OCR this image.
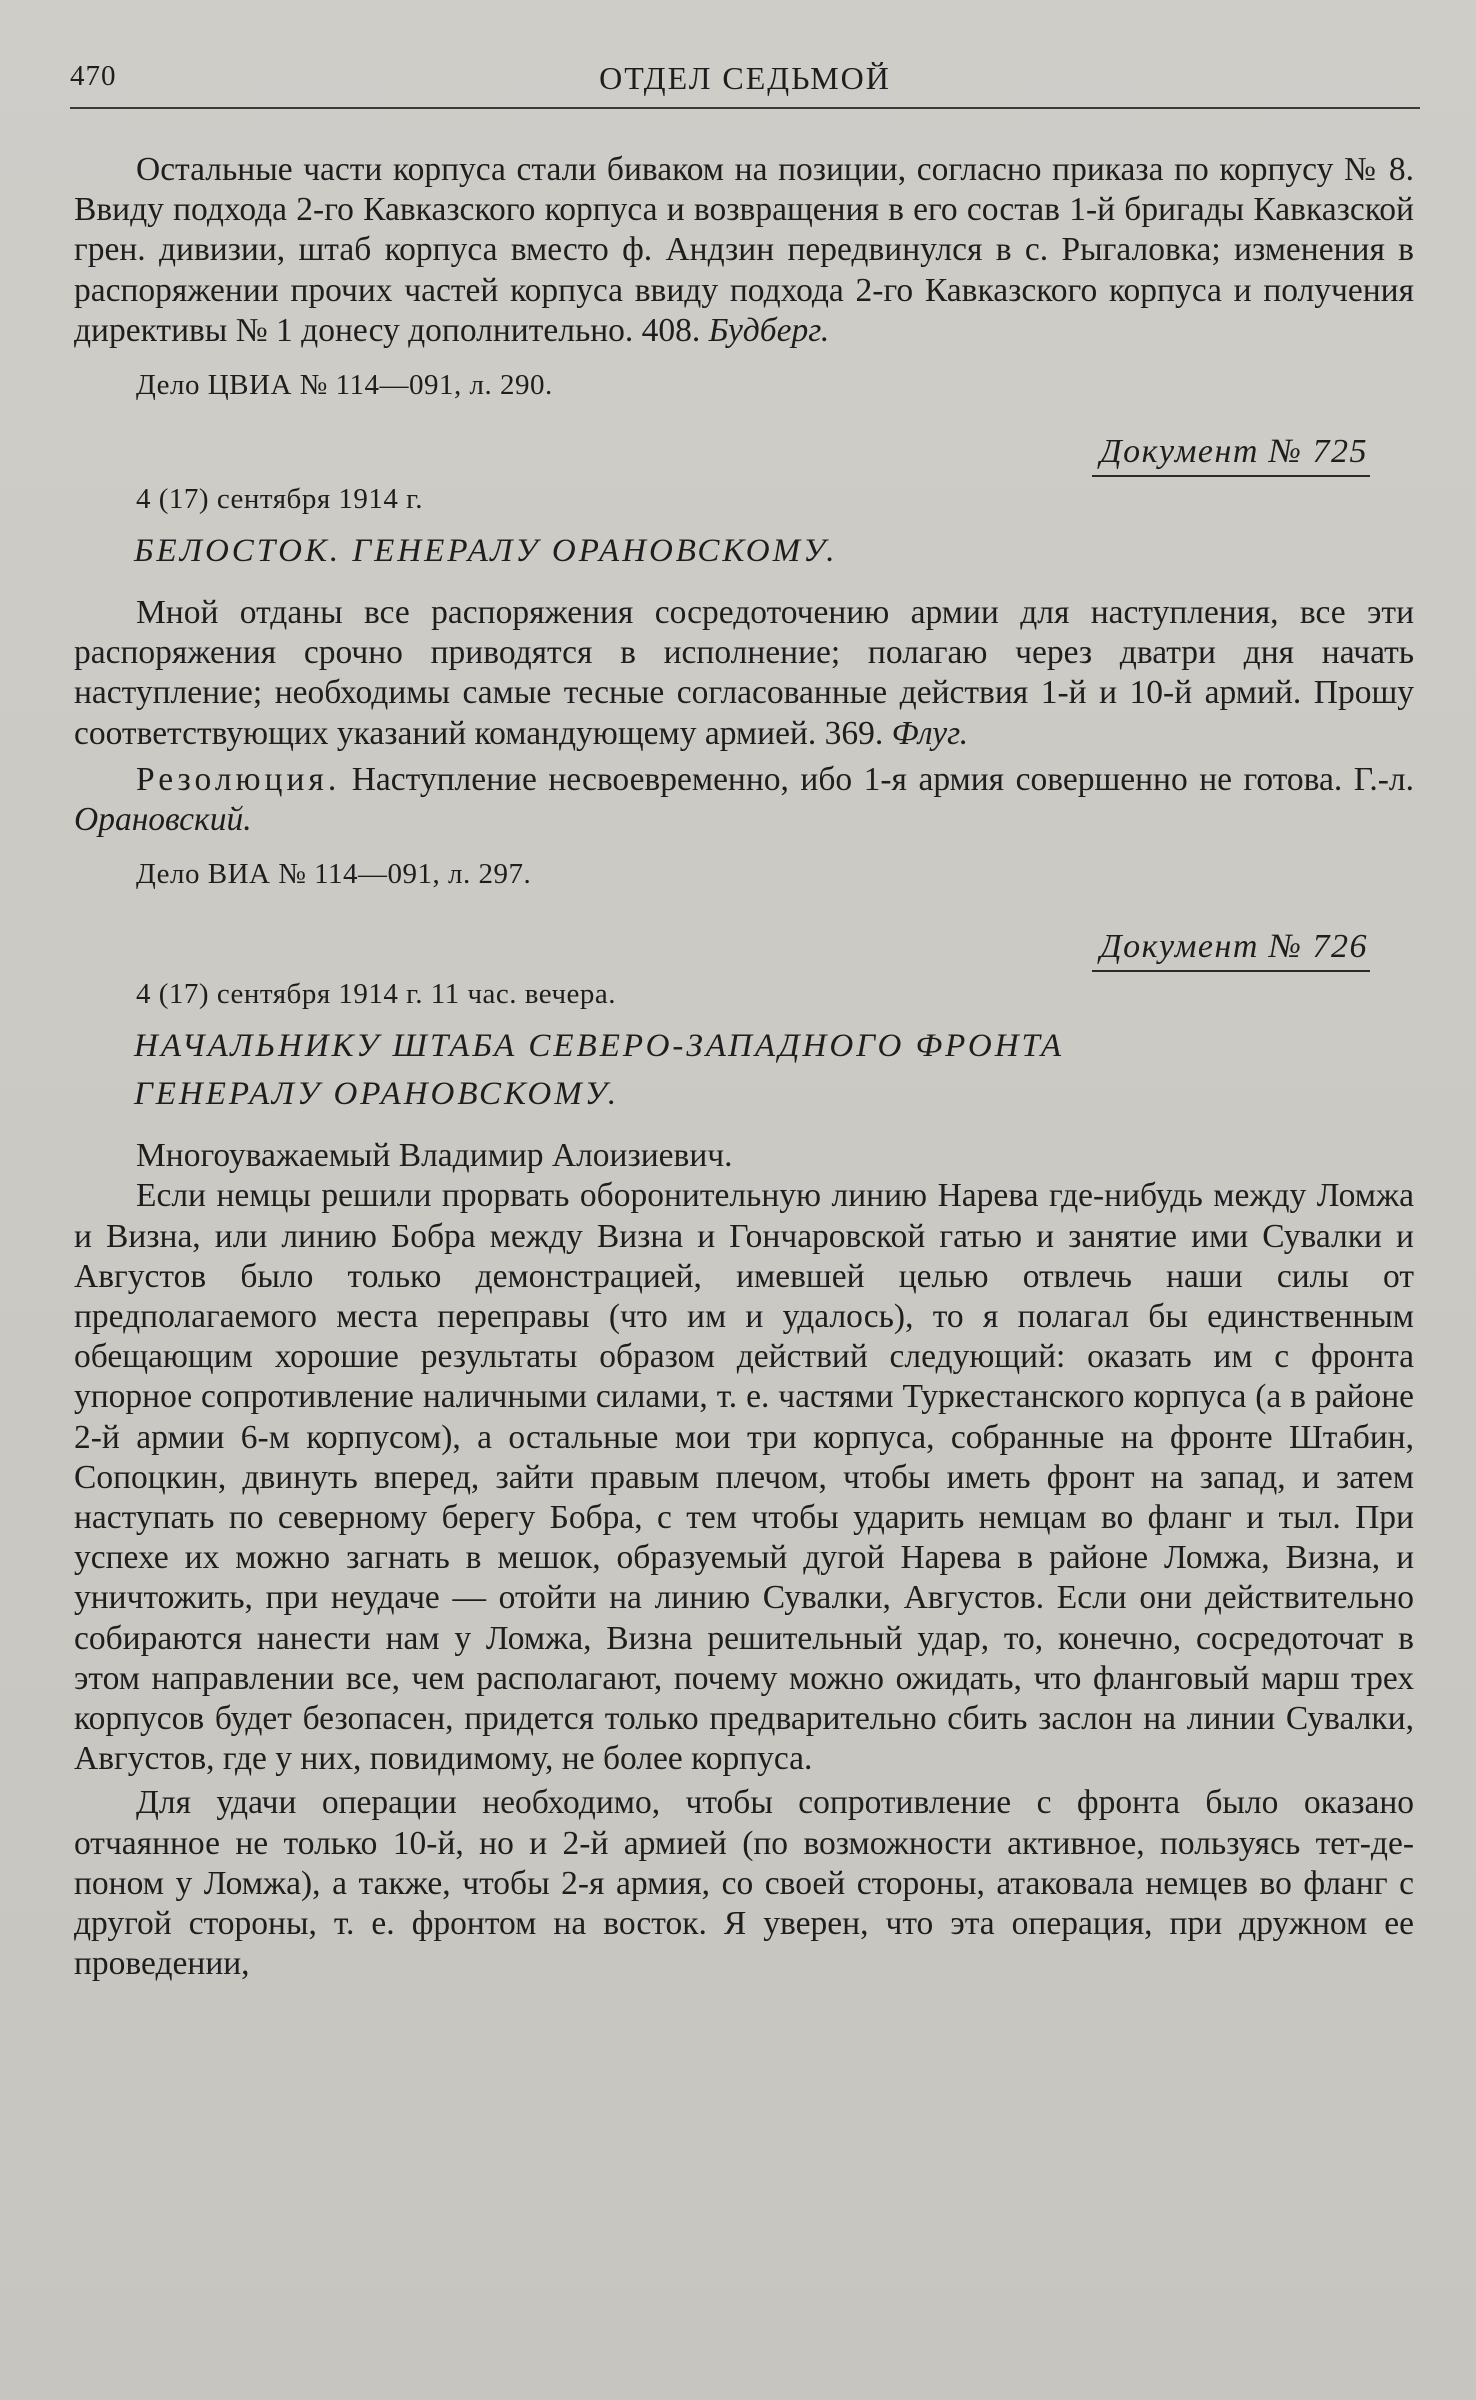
470	ОТДЕЛ СЕДЬМОЙ

Остальные части корпуса стали биваком на позиции, согласно приказа по корпусу № 8. Ввиду подхода 2-го Кавказского корпуса и возвращения в его состав 1-й бригады Кавказской грен. дивизии, штаб корпуса вместо ф. Андзин передвинулся в с. Рыгаловка; изменения в распоряжении прочих частей корпуса ввиду подхода 2-го Кавказского корпуса и получения директивы № 1 донесу дополнительно. 408. Будберг.

Дело ЦВИА № 114—091, л. 290.

Документ № 725

4 (17) сентября 1914 г.

БЕЛОСТОК. ГЕНЕРАЛУ ОРАНОВСКОМУ.

Мной отданы все распоряжения сосредоточению армии для наступления, все эти распоряжения срочно приводятся в исполнение; полагаю через дватри дня начать наступление; необходимы самые тесные согласованные действия 1-й и 10-й армий. Прошу соответствующих указаний командующему армией. 369. Флуг.

Резолюция. Наступление несвоевременно, ибо 1-я армия совершенно не готова. Г.-л. Орановский.

Дело ВИА № 114—091, л. 297.

Документ № 726

4 (17) сентября 1914 г. 11 час. вечера.

НАЧАЛЬНИКУ ШТАБА СЕВЕРО-ЗАПАДНОГО ФРОНТА

ГЕНЕРАЛУ ОРАНОВСКОМУ.

Многоуважаемый Владимир Алоизиевич.

Если немцы решили прорвать оборонительную линию Нарева где-нибудь между Ломжа и Визна, или линию Бобра между Визна и Гончаровской гатью и занятие ими Сувалки и Августов было только демонстрацией, имевшей целью отвлечь наши силы от предполагаемого места переправы (что им и удалось), то я полагал бы единственным обещающим хорошие результаты образом действий следующий: оказать им с фронта упорное сопротивление наличными силами, т. е. частями Туркестанского корпуса (а в районе 2-й армии 6-м корпусом), а остальные мои три корпуса, собранные на фронте Штабин, Сопоцкин, двинуть вперед, зайти правым плечом, чтобы иметь фронт на запад, и затем наступать по северному берегу Бобра, с тем чтобы ударить немцам во фланг и тыл. При успехе их можно загнать в мешок, образуемый дугой Нарева в районе Ломжа, Визна, и уничтожить, при неудаче — отойти на линию Сувалки, Августов. Если они действительно собираются нанести нам у Ломжа, Визна решительный удар, то, конечно, сосредоточат в этом направлении все, чем располагают, почему можно ожидать, что фланговый марш трех корпусов будет безопасен, придется только предварительно сбить заслон на линии Сувалки, Августов, где у них, повидимому, не более корпуса.

Для удачи операции необходимо, чтобы сопротивление с фронта было оказано отчаянное не только 10-й, но и 2-й армией (по возможности активное, пользуясь тет-де-поном у Ломжа), а также, чтобы 2-я армия, со своей стороны, атаковала немцев во фланг с другой стороны, т. е. фронтом на восток. Я уверен, что эта операция, при дружном ее проведении,
